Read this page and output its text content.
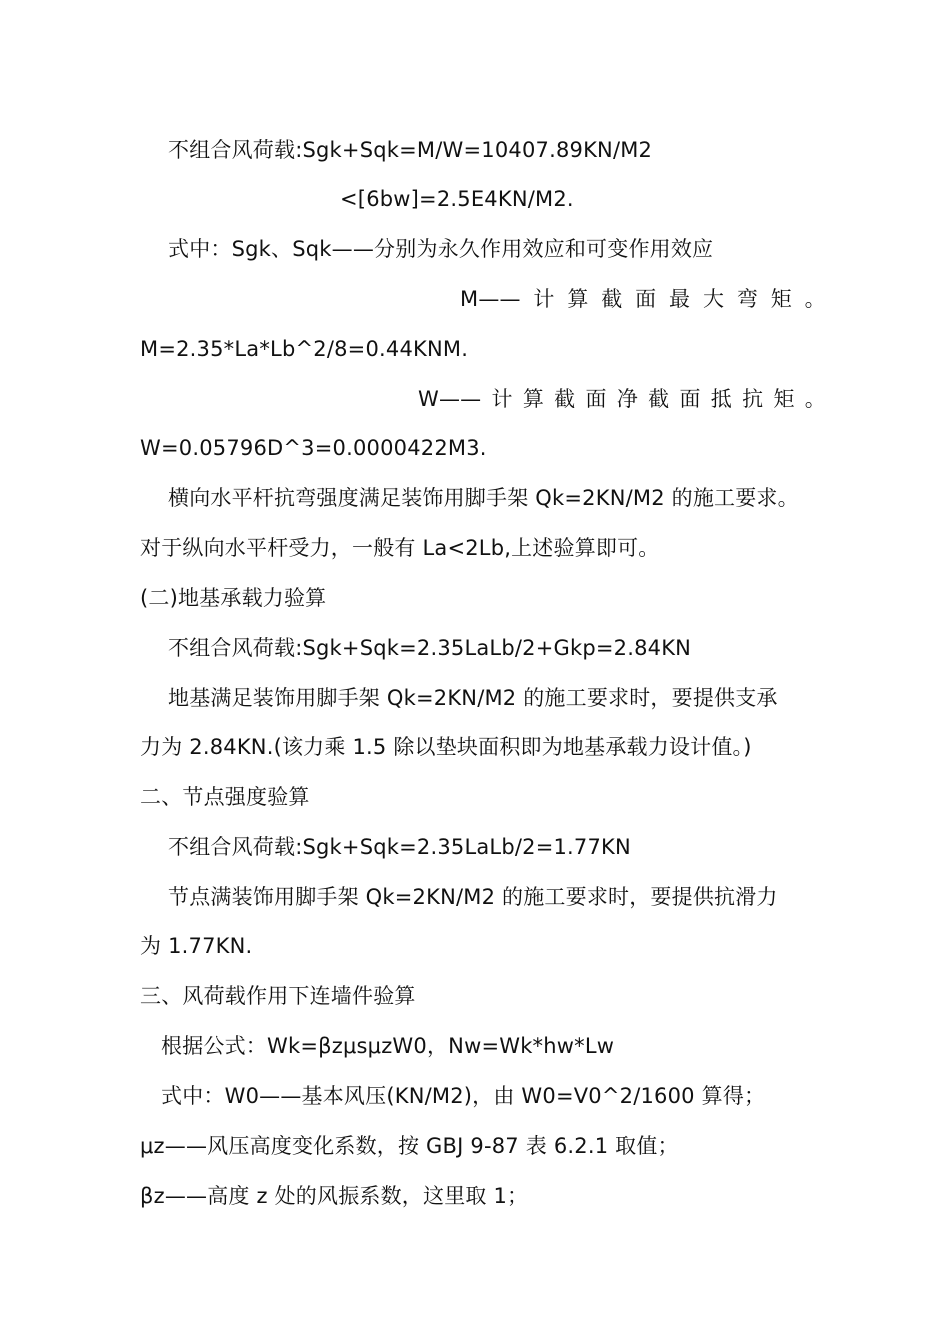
不组合风荷载:Sgk+Sqk=M/W=10407.89KN/M2
<[6bw]=2.5E4KN/M2.
式中：Sgk、Sqk——分别为永久作用效应和可变作用效应
M—— 计 算 截 面 最 大 弯 矩 。
M=2.35*La*Lb^2/8=0.44KNM.
W—— 计 算 截 面 净 截 面 抵 抗 矩 。
W=0.05796D^3=0.0000422M3.
横向水平杆抗弯强度满足装饰用脚手架 Qk=2KN/M2 的施工要求。
对于纵向水平杆受力，一般有 La<2Lb,上述验算即可。
(二)地基承载力验算
不组合风荷载:Sgk+Sqk=2.35LaLb/2+Gkp=2.84KN
地基满足装饰用脚手架 Qk=2KN/M2 的施工要求时，要提供支承
力为 2.84KN.(该力乘 1.5 除以垫块面积即为地基承载力设计值。)
二、节点强度验算
不组合风荷载:Sgk+Sqk=2.35LaLb/2=1.77KN
节点满装饰用脚手架 Qk=2KN/M2 的施工要求时，要提供抗滑力
为 1.77KN.
三、风荷载作用下连墙件验算
根据公式：Wk=βzμsμzW0，Nw=Wk*hw*Lw
式中：W0——基本风压(KN/M2)，由 W0=V0^2/1600 算得；
μz——风压高度变化系数，按 GBJ 9-87 表 6.2.1 取值；
βz——高度 z 处的风振系数，这里取 1；
